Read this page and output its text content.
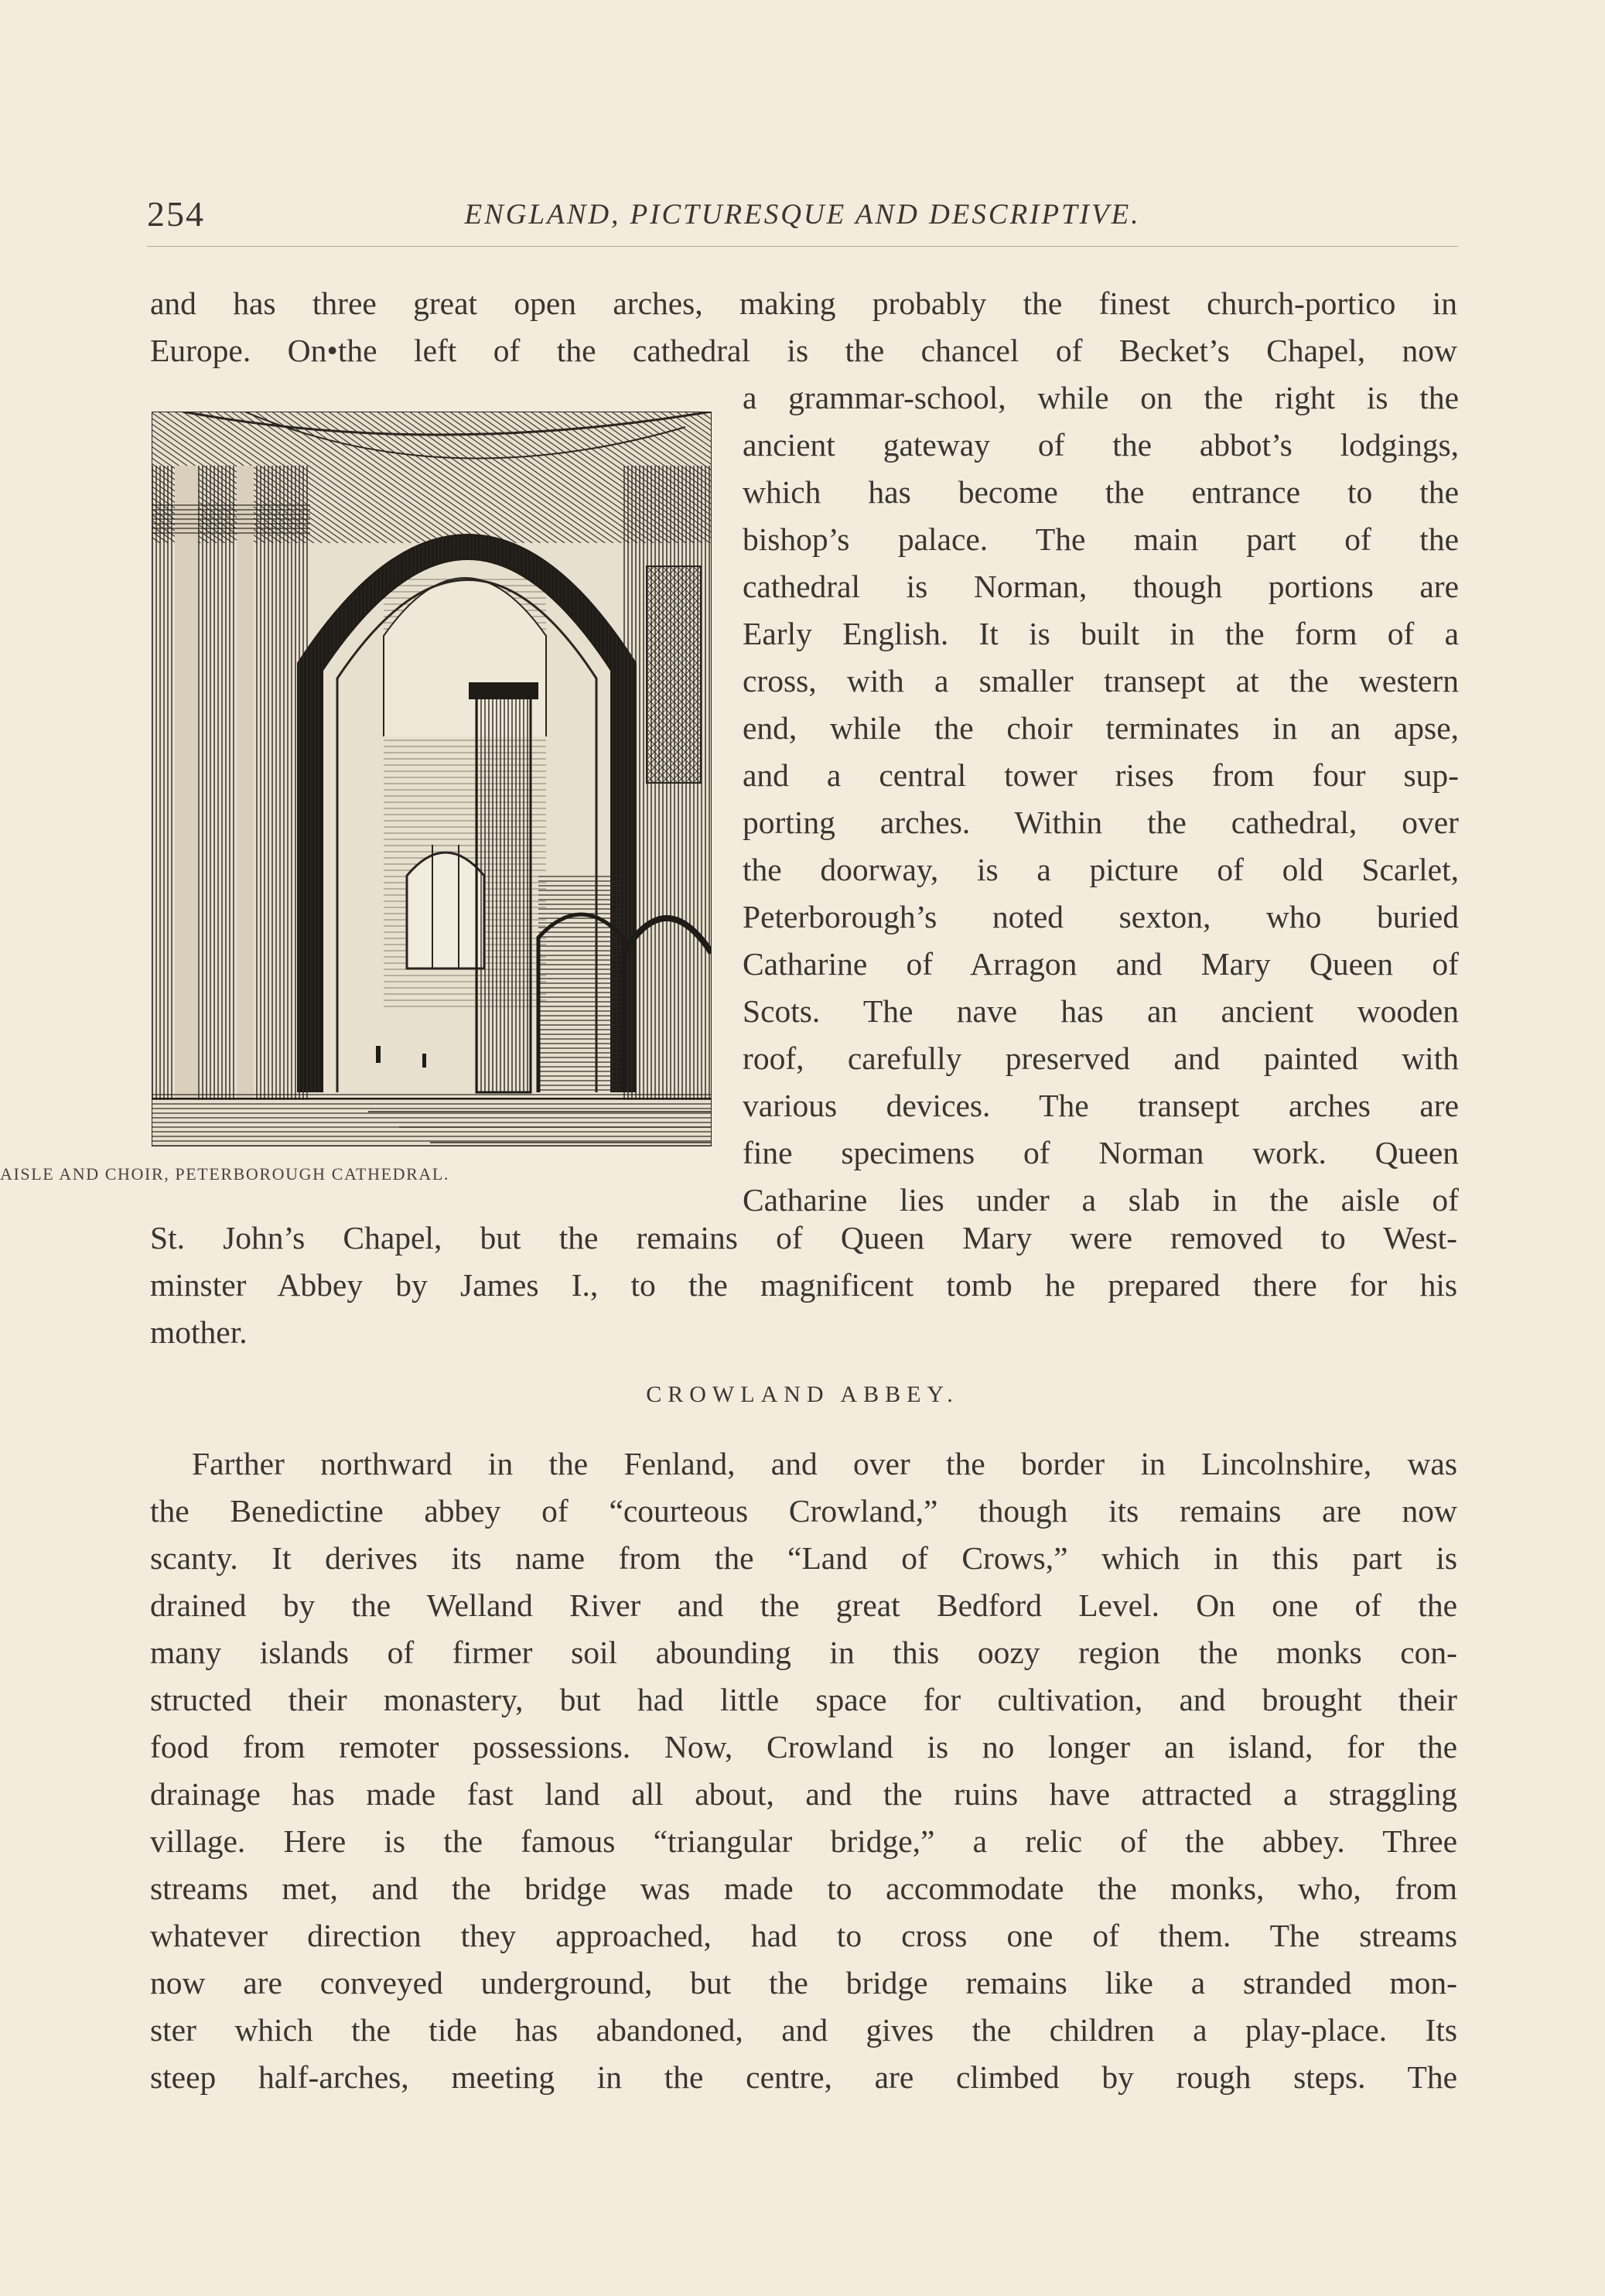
254	ENGLAND, PICTURESQUE AND DESCRIPTIVE.
and has three great open arches, making probably the finest church-portico in
Europe. On•the left of the cathedral is the chancel of Becket’s Chapel, now
a grammar-school, while on the right is the
ancient gateway of the abbot’s lodgings,
which has become the entrance to the
bishop’s palace. The main part of the
cathedral is Norman, though portions are
Early English. It is built in the form of a
cross, with a smaller transept at the western
end, while the choir terminates in an apse,
and a central tower rises from four sup-
porting arches. Within the cathedral, over
the doorway, is a picture of old Scarlet,
Peterborough’s noted sexton, who buried
Catharine of Arragon and Mary Queen of
Scots. The nave has an ancient wooden
roof, carefully preserved and painted with
various devices. The transept arches are
fine specimens of Norman work. Queen
Catharine lies under a slab in the aisle of
AISLE AND CHOIR, PETERBOROUGH CATHEDRAL.
St. John’s Chapel, but the remains of Queen Mary were removed to West-
minster Abbey by James I., to the magnificent tomb he prepared there for his
mother.
CROWLAND ABBEY.
Farther northward in the Fenland, and over the border in Lincolnshire, was
the Benedictine abbey of “courteous Crowland,” though its remains are now
scanty. It derives its name from the “Land of Crows,” which in this part is
drained by the Welland River and the great Bedford Level. On one of the
many islands of firmer soil abounding in this oozy region the monks con-
structed their monastery, but had little space for cultivation, and brought their
food from remoter possessions. Now, Crowland is no longer an island, for the
drainage has made fast land all about, and the ruins have attracted a straggling
village. Here is the famous “triangular bridge,” a relic of the abbey. Three
streams met, and the bridge was made to accommodate the monks, who, from
whatever direction they approached, had to cross one of them. The streams
now are conveyed underground, but the bridge remains like a stranded mon-
ster which the tide has abandoned, and gives the children a play-place. Its
steep half-arches, meeting in the centre, are climbed by rough steps. The
